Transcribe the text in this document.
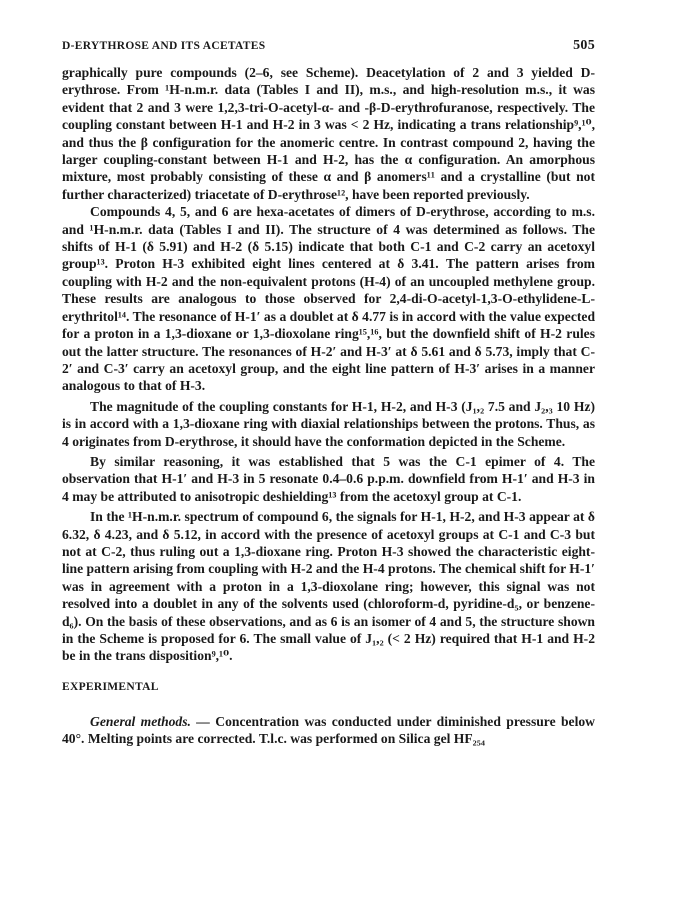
D-ERYTHROSE AND ITS ACETATES	505

graphically pure compounds (2–6, see Scheme). Deacetylation of 2 and 3 yielded D-erythrose. From ¹H-n.m.r. data (Tables I and II), m.s., and high-resolution m.s., it was evident that 2 and 3 were 1,2,3-tri-O-acetyl-α- and -β-D-erythrofuranose, respectively. The coupling constant between H-1 and H-2 in 3 was < 2 Hz, indicating a trans relationship⁹,¹⁰, and thus the β configuration for the anomeric centre. In contrast compound 2, having the larger coupling-constant between H-1 and H-2, has the α configuration. An amorphous mixture, most probably consisting of these α and β anomers¹¹ and a crystalline (but not further characterized) triacetate of D-erythrose¹², have been reported previously.

Compounds 4, 5, and 6 are hexa-acetates of dimers of D-erythrose, according to m.s. and ¹H-n.m.r. data (Tables I and II). The structure of 4 was determined as follows. The shifts of H-1 (δ 5.91) and H-2 (δ 5.15) indicate that both C-1 and C-2 carry an acetoxyl group¹³. Proton H-3 exhibited eight lines centered at δ 3.41. The pattern arises from coupling with H-2 and the non-equivalent protons (H-4) of an uncoupled methylene group. These results are analogous to those observed for 2,4-di-O-acetyl-1,3-O-ethylidene-L-erythritol¹⁴. The resonance of H-1′ as a doublet at δ 4.77 is in accord with the value expected for a proton in a 1,3-dioxane or 1,3-dioxolane ring¹⁵,¹⁶, but the downfield shift of H-2 rules out the latter structure. The resonances of H-2′ and H-3′ at δ 5.61 and δ 5.73, imply that C-2′ and C-3′ carry an acetoxyl group, and the eight line pattern of H-3′ arises in a manner analogous to that of H-3.

The magnitude of the coupling constants for H-1, H-2, and H-3 (J₁,₂ 7.5 and J₂,₃ 10 Hz) is in accord with a 1,3-dioxane ring with diaxial relationships between the protons. Thus, as 4 originates from D-erythrose, it should have the conformation depicted in the Scheme.

By similar reasoning, it was established that 5 was the C-1 epimer of 4. The observation that H-1′ and H-3 in 5 resonate 0.4–0.6 p.p.m. downfield from H-1′ and H-3 in 4 may be attributed to anisotropic deshielding¹³ from the acetoxyl group at C-1.

In the ¹H-n.m.r. spectrum of compound 6, the signals for H-1, H-2, and H-3 appear at δ 6.32, δ 4.23, and δ 5.12, in accord with the presence of acetoxyl groups at C-1 and C-3 but not at C-2, thus ruling out a 1,3-dioxane ring. Proton H-3 showed the characteristic eight-line pattern arising from coupling with H-2 and the H-4 protons. The chemical shift for H-1′ was in agreement with a proton in a 1,3-dioxolane ring; however, this signal was not resolved into a doublet in any of the solvents used (chloroform-d, pyridine-d₅, or benzene-d₆). On the basis of these observations, and as 6 is an isomer of 4 and 5, the structure shown in the Scheme is proposed for 6. The small value of J₁,₂ (< 2 Hz) required that H-1 and H-2 be in the trans disposition⁹,¹⁰.

EXPERIMENTAL

General methods. — Concentration was conducted under diminished pressure below 40°. Melting points are corrected. T.l.c. was performed on Silica gel HF₂₅₄
